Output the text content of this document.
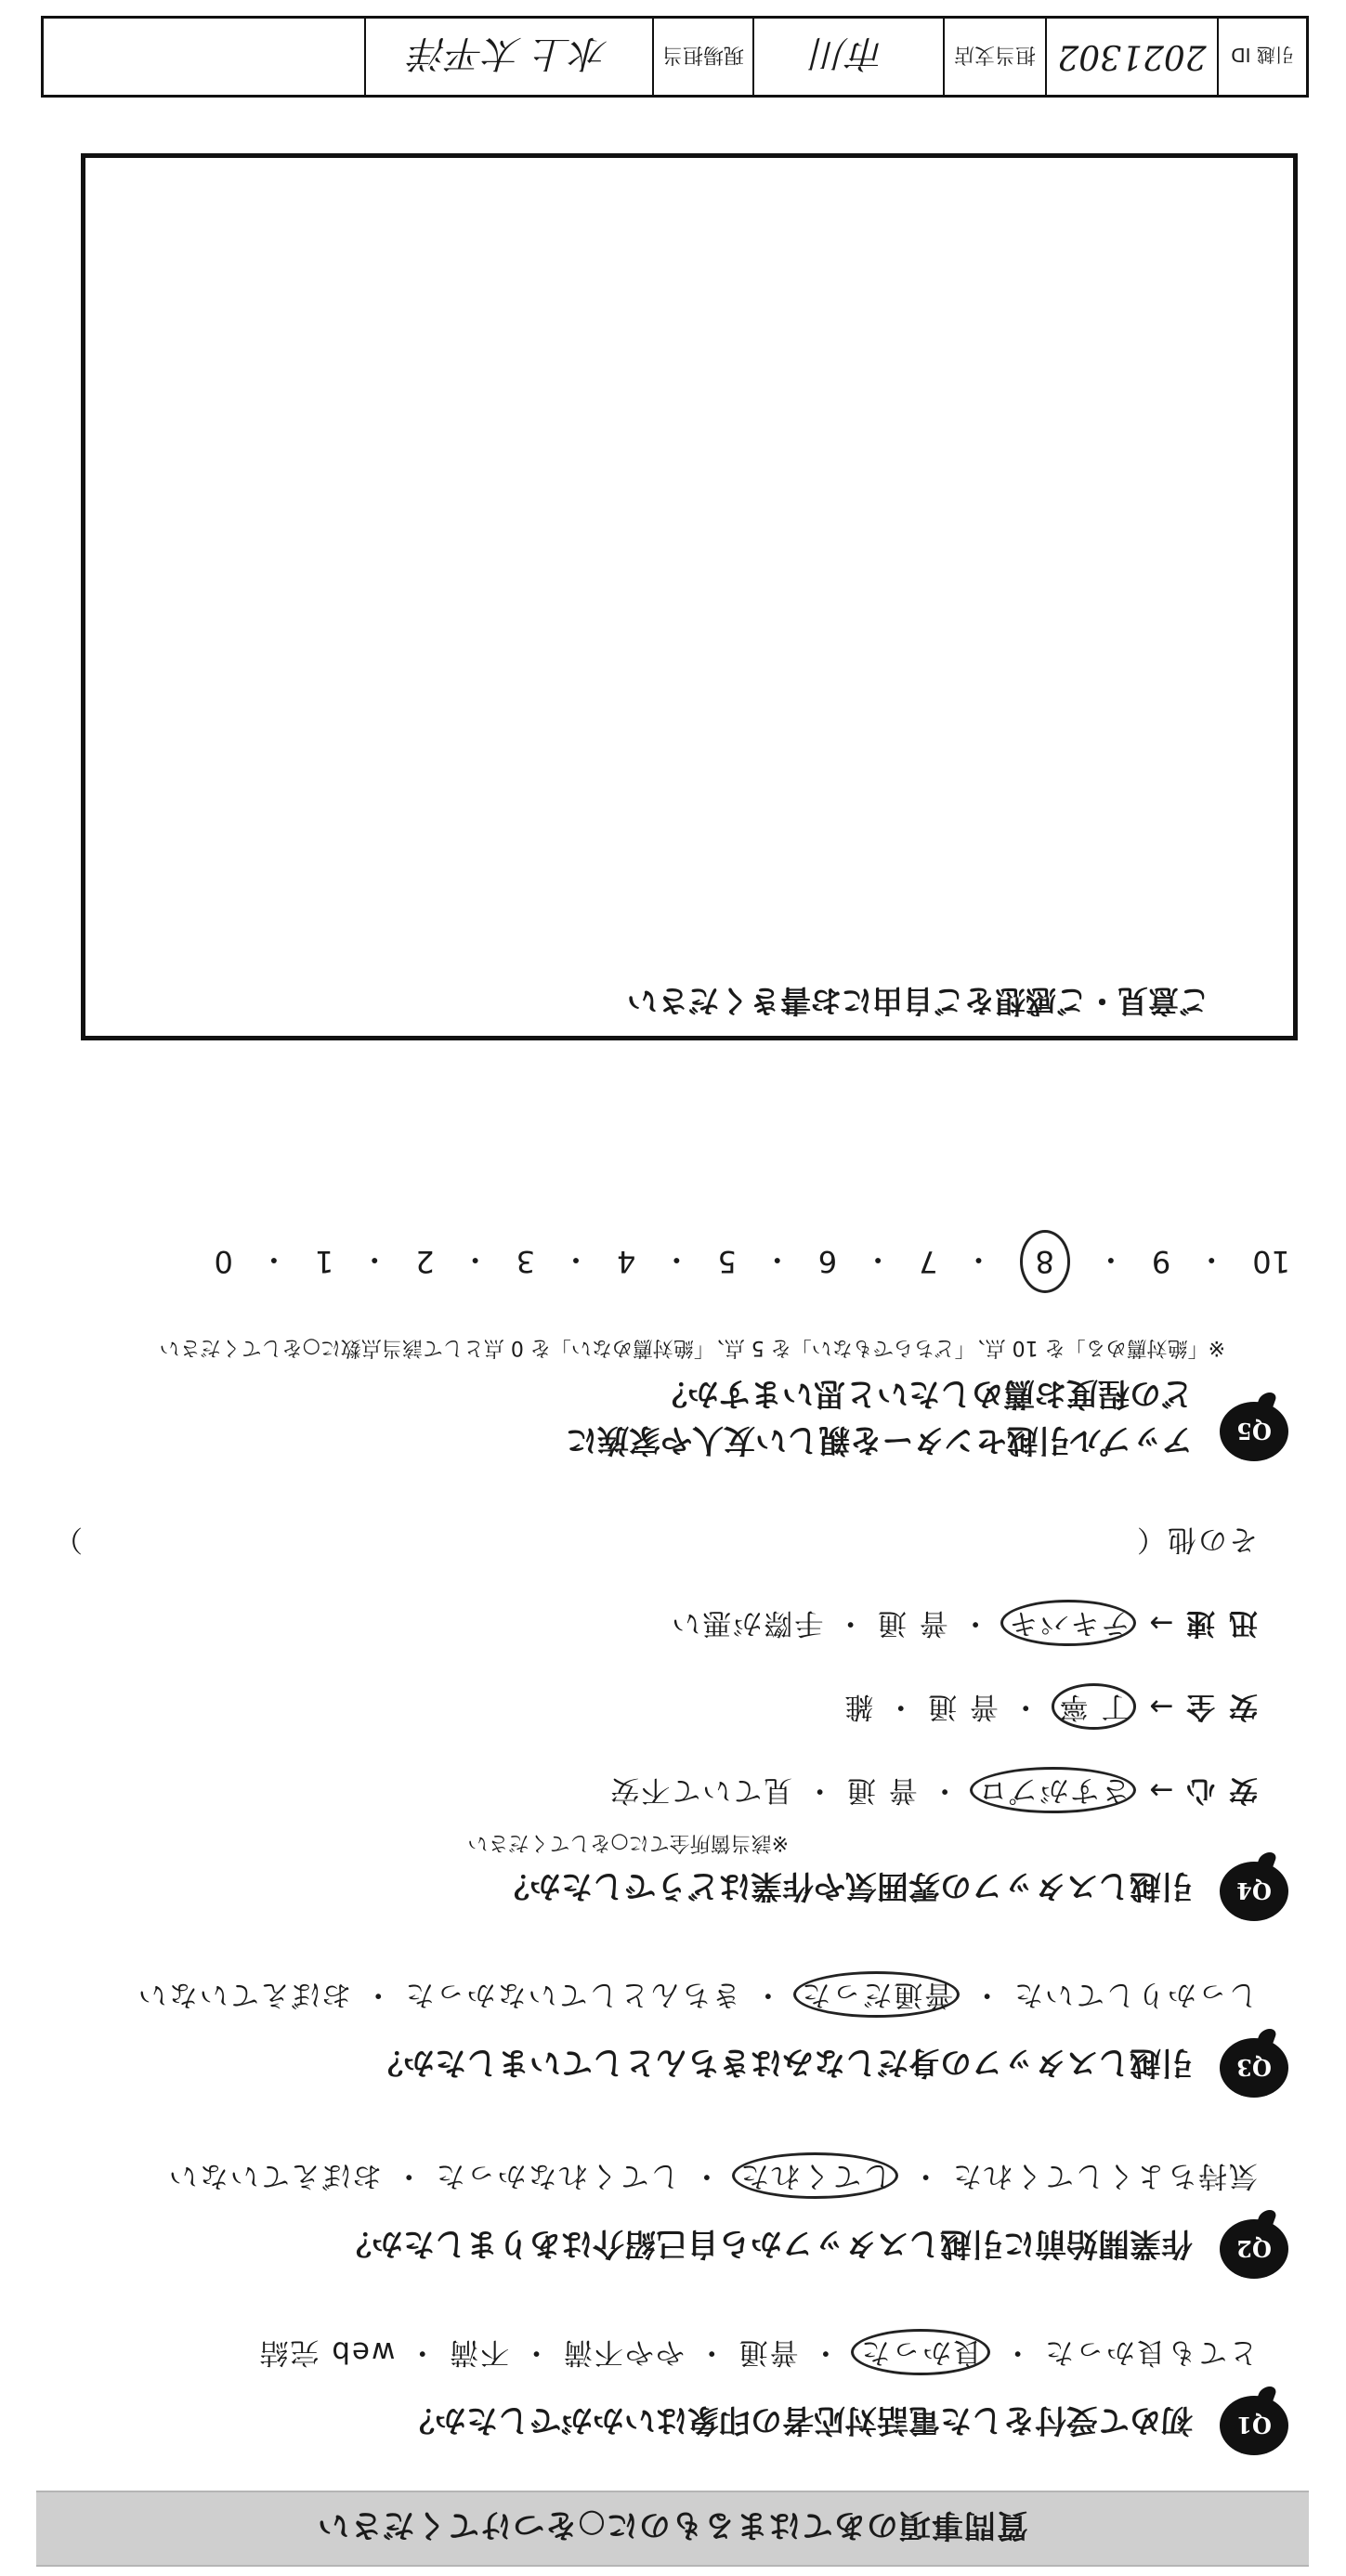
質問事項のあてはまるものに○をつけてください
Q1
初めて受付をした電話対応者の印象はいかがでしたか？
とても良かった ・ 良かった ・ 普通 ・ やや不満 ・ 不満 ・ web 完結
Q2
作業開始前に引越しスタッフから自己紹介はありましたか？
気持ちよくしてくれた ・ してくれた ・ してくれなかった ・ おぼえていない
Q3
引越しスタッフの身だしなみはきちんとしていましたか？
しっかりしていた ・ 普通だった ・ きちんとしていなかった ・ おぼえていない
Q4
引越しスタッフの雰囲気や作業はどうでしたか？
※該当箇所全てに○をしてください
安 心 → さすがプロ ・ 普 通 ・ 見ていて不安
安 全 → 丁 寧 ・ 普 通 ・ 雑
迅 速 → テキパキ ・ 普 通 ・ 手際が悪い
その他（
）
Q5
アップル引越センターを親しい友人や家族に
どの程度お薦めしたいと思いますか？
※「絶対薦める」を 10 点、「どちらでもない」を 5 点、「絶対薦めない」を 0 点として該当点数に○をしてください
10
・
9
・
8
・
7
・
6
・
5
・
4
・
3
・
2
・
1
・
0
ご意見・ご感想をご自由にお書きください
引越 ID
2021302
担当支店
市川
現場担当
水上 太平洋
